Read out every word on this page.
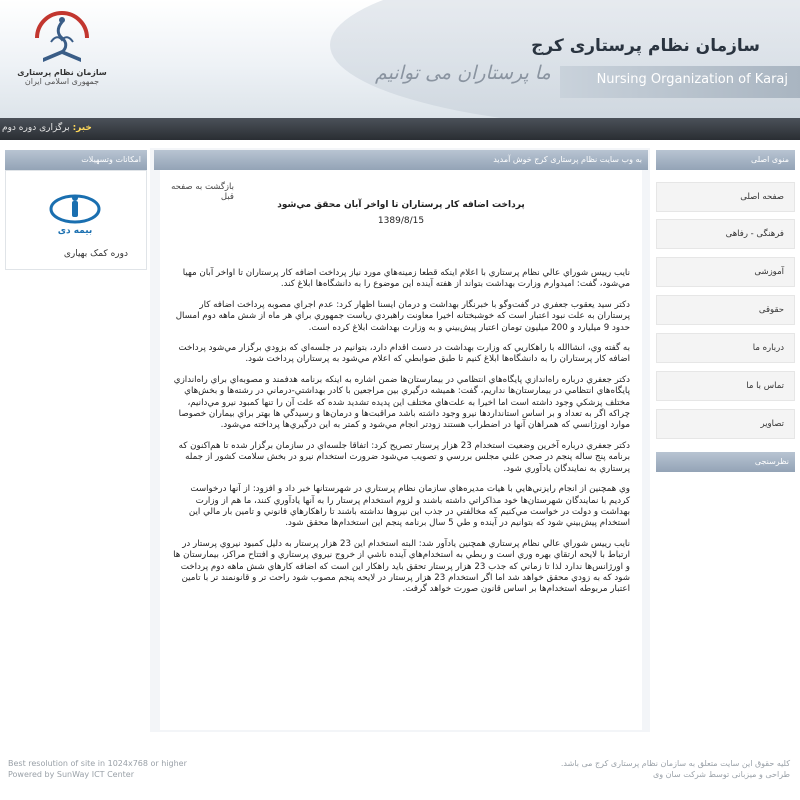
سازمان نظام پرستاری
جمهوری اسلامی ایران	ما پرستاران می توانیم
سازمان نظام پرستاری کرج
Nursing Organization of Karaj
خبر: برگزاری دوره دوم
امکانات وتسهیلات
بیمه دی
دوره کمک بهیاری
به وب سایت نظام پرستاری کرج خوش آمدید
بازگشت به صفحه قبل
پرداخت اضافه کار پرستاران تا اواخر آبان محقق مي‌شود
1389/8/15

نايب رييس شوراي عالي نظام پرستاري با اعلام اينكه قطعا زمينه‌هاي مورد نياز پرداخت اضافه كار پرستاران تا اواخر آبان مهيا مي‌شود، گفت: اميدوارم وزارت بهداشت بتواند از هفته آينده اين موضوع را به دانشگاه‌ها ابلاغ كند.

دكتر سيد يعقوب جعفري در گفت‌وگو با خبرنگار بهداشت و درمان ايسنا اظهار كرد: عدم اجراي مصوبه پرداخت اضافه كار پرستاران به علت نبود اعتبار است كه خوشبختانه اخيرا معاونت راهبردي رياست جمهوري براي هر ماه از شش ماهه دوم امسال حدود 9 ميليارد و 200 ميليون تومان اعتبار پيش‌بيني و به وزارت بهداشت ابلاغ كرده است.

به گفته وي، انشاالله با راهكاريي كه وزارت بهداشت در دست اقدام دارد، بتوانيم در جلسه‌اي كه بزودي برگزار مي‌شود پرداخت اضافه كار پرستاران را به دانشگاه‌ها ابلاغ كنيم تا طبق ضوابطي كه اعلام مي‌شود به پرستاران پرداخت شود.

دكتر جعفري درباره راه‌اندازي پايگاه‌هاي انتظامي در بيمارستان‌ها ضمن اشاره به اينكه برنامه هدفمند و مصوبه‌اي براي راه‌اندازي پايگاه‌هاي انتظامي در بيمارستان‌ها نداريم، گفت: هميشه درگيري بين مراجعين با كادر بهداشتي-درماني در رشته‌ها و بخش‌هاي مختلف پزشكي وجود داشته است اما اخيرا به علت‌هاي مختلف اين پديده تشديد شده كه علت آن را تنها كمبود نيرو مي‌دانيم، چراكه اگر به تعداد و بر اساس استانداردها نيرو وجود داشته باشد مراقبت‌ها و درمان‌ها و رسيدگي ها بهتر براي بيماران خصوصا موارد اورژانسي كه همراهان آنها در اضطراب هستند زودتر انجام مي‌شود و كمتر به اين درگيري‌ها پرداخته مي‌شود.

دكتر جعفري درباره آخرين وضعيت استخدام 23 هزار پرستار تصريح كرد: اتفاقا جلسه‌اي در سازمان برگزار شده تا هم‌اكنون كه برنامه پنج ساله پنجم در صحن علني مجلس بررسي و تصويب مي‌شود ضرورت استخدام نيرو در بخش سلامت كشور از جمله پرستاري به نمايندگان يادآوري شود.

وي همچنين از انجام رايزني‌هايي با هيات مديره‌هاي سازمان نظام پرستاري در شهرستانها خبر داد و افزود: از آنها درخواست كرديم با نمايندگان شهرستان‌ها خود مذاكراتي داشته باشند و لزوم استخدام پرستار را به آنها يادآوري كنند، ما هم از وزارت بهداشت و دولت در خواست مي‌كنيم كه مخالفتي در جذب اين نيروها نداشته باشند تا راهكارهاي قانوني و تامين بار مالي اين استخدام پيش‌بيني شود كه بتوانيم در آينده و طي 5 سال برنامه پنجم اين استخدام‌ها محقق شود.

نايب رييس شوراي عالي نظام پرستاري همچنين يادآور شد: البته استخدام اين 23 هزار پرستار به دليل كمبود نيروي پرستار در ارتباط با لايحه ارتقاي بهره وري است و ربطي به استخدام‌هاي آينده ناشي از خروج نيروي پرستاري و افتتاح مراكز، بيمارستان ها و اورژانس‌ها ندارد لذا تا زماني كه جذب 23 هزار پرستار تحقق بايد راهكار اين است كه اضافه كارهاي شش ماهه دوم پرداخت شود كه به زودي محقق خواهد شد اما اگر استخدام 23 هزار پرستار در لايحه پنجم مصوب شود راحت تر و قانونمند تر با تامين اعتبار مربوطه استخدام‌ها بر اساس قانون صورت خواهد گرفت.

منوی اصلی
صفحه اصلی
فرهنگی - رفاهی
آموزشی
حقوقی
درباره ما
تماس با ما
تصاویر
نظرسنجی
کلیه حقوق این سایت متعلق به سازمان نظام پرستاری کرج می باشد.
طراحی و میزبانی توسط شرکت سان وی
Best resolution of site in 1024x768 or higher
Powered by SunWay ICT Center
